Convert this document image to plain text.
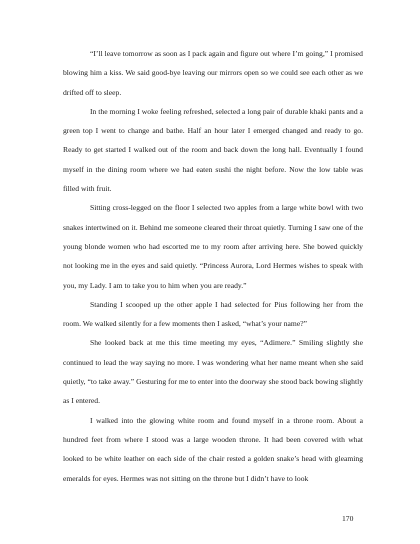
“I’ll leave tomorrow as soon as I pack again and figure out where I’m going,” I promised blowing him a kiss. We said good-bye leaving our mirrors open so we could see each other as we drifted off to sleep.

In the morning I woke feeling refreshed, selected a long pair of durable khaki pants and a green top I went to change and bathe. Half an hour later I emerged changed and ready to go. Ready to get started I walked out of the room and back down the long hall. Eventually I found myself in the dining room where we had eaten sushi the night before. Now the low table was filled with fruit.

Sitting cross-legged on the floor I selected two apples from a large white bowl with two snakes intertwined on it. Behind me someone cleared their throat quietly. Turning I saw one of the young blonde women who had escorted me to my room after arriving here. She bowed quickly not looking me in the eyes and said quietly. “Princess Aurora, Lord Hermes wishes to speak with you, my Lady. I am to take you to him when you are ready.”

Standing I scooped up the other apple I had selected for Pius following her from the room. We walked silently for a few moments then I asked, “what’s your name?”

She looked back at me this time meeting my eyes, “Adimere.” Smiling slightly she continued to lead the way saying no more. I was wondering what her name meant when she said quietly, “to take away.” Gesturing for me to enter into the doorway she stood back bowing slightly as I entered.

I walked into the glowing white room and found myself in a throne room. About a hundred feet from where I stood was a large wooden throne. It had been covered with what looked to be white leather on each side of the chair rested a golden snake’s head with gleaming emeralds for eyes. Hermes was not sitting on the throne but I didn’t have to look

170
